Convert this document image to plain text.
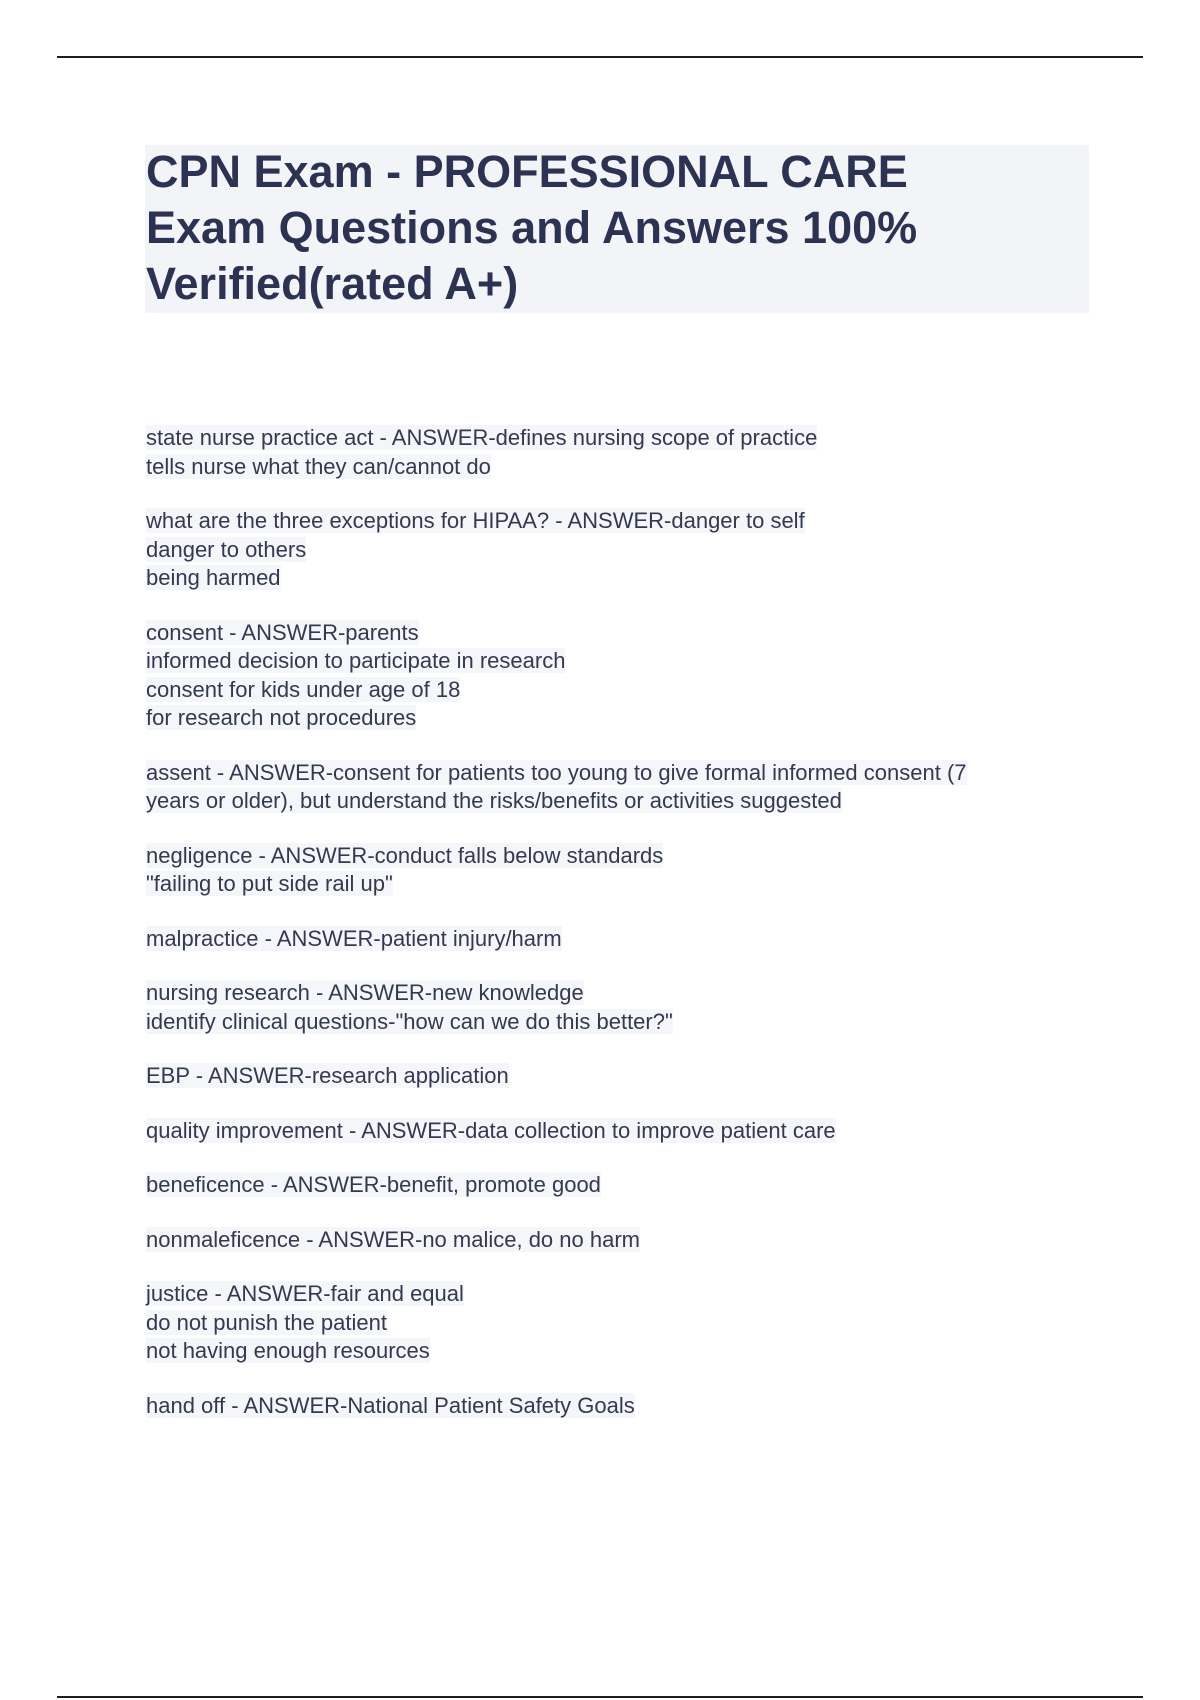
CPN Exam - PROFESSIONAL CARE
Exam Questions and Answers 100%
Verified(rated A+)
state nurse practice act - ANSWER-defines nursing scope of practice
tells nurse what they can/cannot do
what are the three exceptions for HIPAA? - ANSWER-danger to self
danger to others
being harmed
consent - ANSWER-parents
informed decision to participate in research
consent for kids under age of 18
for research not procedures
assent - ANSWER-consent for patients too young to give formal informed consent (7
years or older), but understand the risks/benefits or activities suggested
negligence - ANSWER-conduct falls below standards
"failing to put side rail up"
malpractice - ANSWER-patient injury/harm
nursing research - ANSWER-new knowledge
identify clinical questions-"how can we do this better?"
EBP - ANSWER-research application
quality improvement - ANSWER-data collection to improve patient care
beneficence - ANSWER-benefit, promote good
nonmaleficence - ANSWER-no malice, do no harm
justice - ANSWER-fair and equal
do not punish the patient
not having enough resources
hand off - ANSWER-National Patient Safety Goals
